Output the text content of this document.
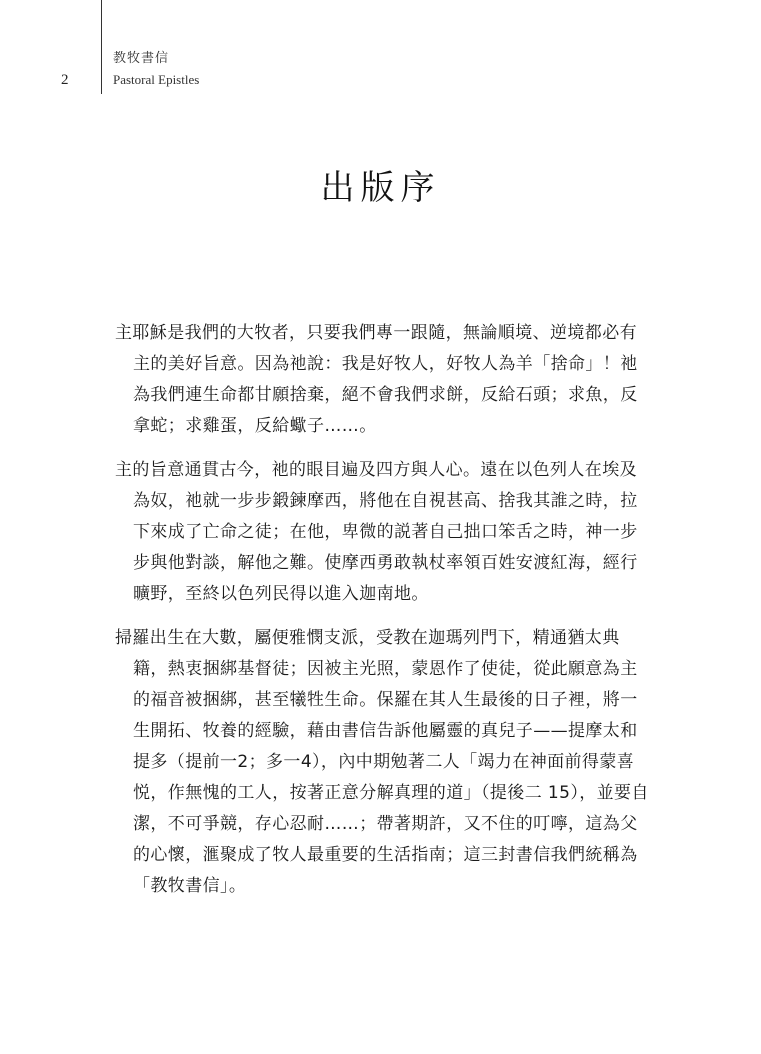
2
教牧書信
Pastoral Epistles
出版序

主耶穌是我們的大牧者，只要我們專一跟隨，無論順境、逆境都必有主的美好旨意。因為祂說：我是好牧人，好牧人為羊「捨命」！祂為我們連生命都甘願捨棄，絕不會我們求餅，反給石頭；求魚，反拿蛇；求雞蛋，反給蠍子……。

主的旨意通貫古今，祂的眼目遍及四方與人心。遠在以色列人在埃及為奴，祂就一步步鍛鍊摩西，將他在自視甚高、捨我其誰之時，拉下來成了亡命之徒；在他，卑微的説著自己拙口笨舌之時，神一步步與他對談，解他之難。使摩西勇敢執杖率領百姓安渡紅海，經行曠野，至終以色列民得以進入迦南地。

掃羅出生在大數，屬便雅憫支派，受教在迦瑪列門下，精通猶太典籍，熱衷捆綁基督徒；因被主光照，蒙恩作了使徒，從此願意為主的福音被捆綁，甚至犧牲生命。保羅在其人生最後的日子裡，將一生開拓、牧養的經驗，藉由書信告訴他屬靈的真兒子——提摩太和提多（提前一2；多一4），內中期勉著二人「竭力在神面前得蒙喜悦，作無愧的工人，按著正意分解真理的道」（提後二 15），並要自潔，不可爭競，存心忍耐……；帶著期許，又不住的叮嚀，這為父的心懷，滙聚成了牧人最重要的生活指南；這三封書信我們統稱為「教牧書信」。
